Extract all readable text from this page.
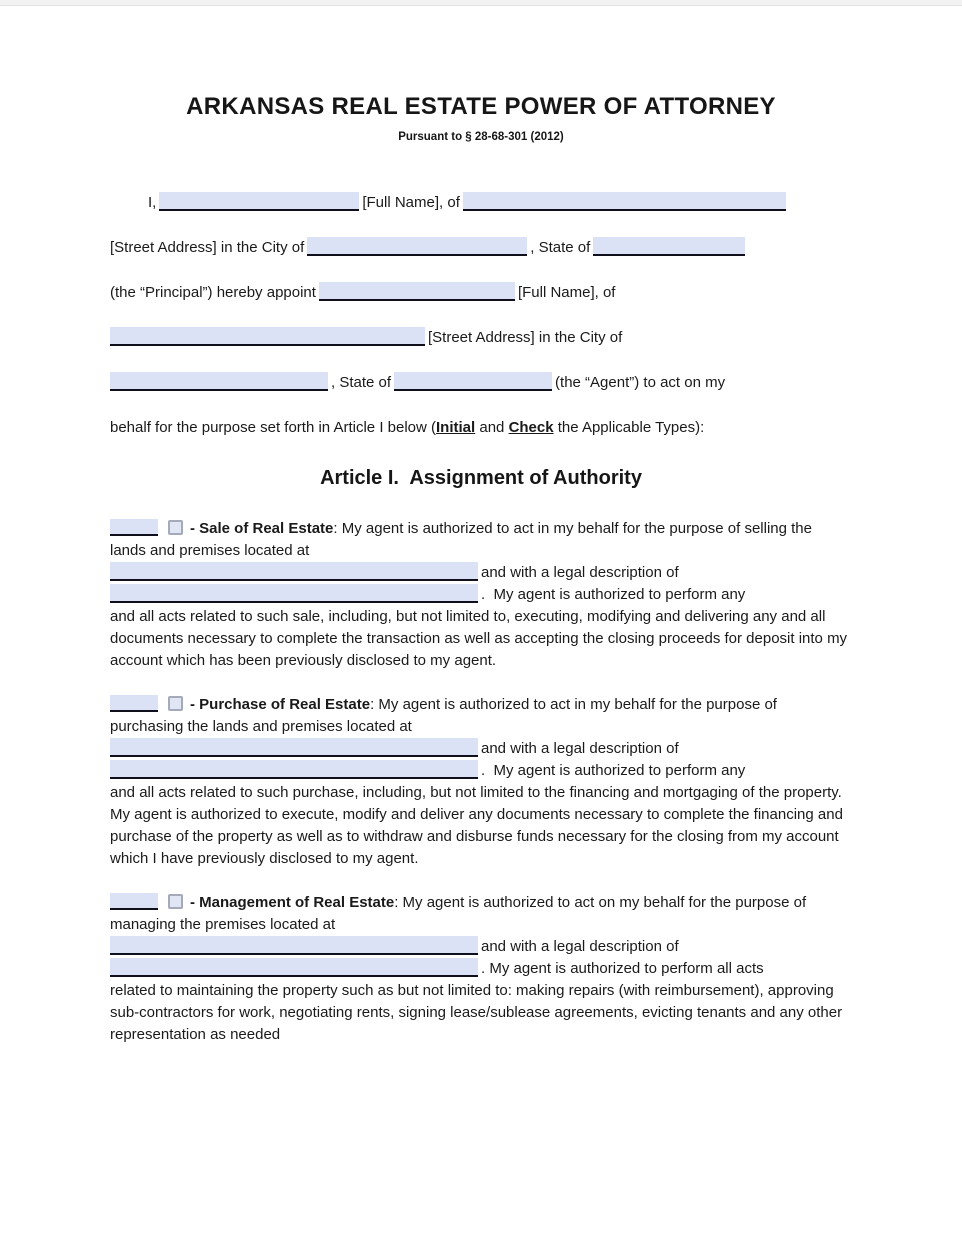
ARKANSAS REAL ESTATE POWER OF ATTORNEY
Pursuant to § 28-68-301 (2012)
I,	[Full Name], of
[Street Address] in the City of	, State of
(the “Principal”) hereby appoint	[Full Name], of
[Street Address] in the City of
, State of	(the “Agent”) to act on my
behalf for the purpose set forth in Article I below (Initial and Check the Applicable Types):
Article I.  Assignment of Authority
- Sale of Real Estate: My agent is authorized to act in my behalf for the purpose of selling the lands and premises located at
and with a legal description of
.  My agent is authorized to perform any
and all acts related to such sale, including, but not limited to, executing, modifying and delivering any and all documents necessary to complete the transaction as well as accepting the closing proceeds for deposit into my account which has been previously disclosed to my agent.
- Purchase of Real Estate: My agent is authorized to act in my behalf for the purpose of purchasing the lands and premises located at
and with a legal description of
.  My agent is authorized to perform any
and all acts related to such purchase, including, but not limited to the financing and mortgaging of the property. My agent is authorized to execute, modify and deliver any documents necessary to complete the financing and purchase of the property as well as to withdraw and disburse funds necessary for the closing from my account which I have previously disclosed to my agent.
- Management of Real Estate: My agent is authorized to act on my behalf for the purpose of managing the premises located at
and with a legal description of
. My agent is authorized to perform all acts
related to maintaining the property such as but not limited to: making repairs (with reimbursement), approving sub-contractors for work, negotiating rents, signing lease/sublease agreements, evicting tenants and any other representation as needed
